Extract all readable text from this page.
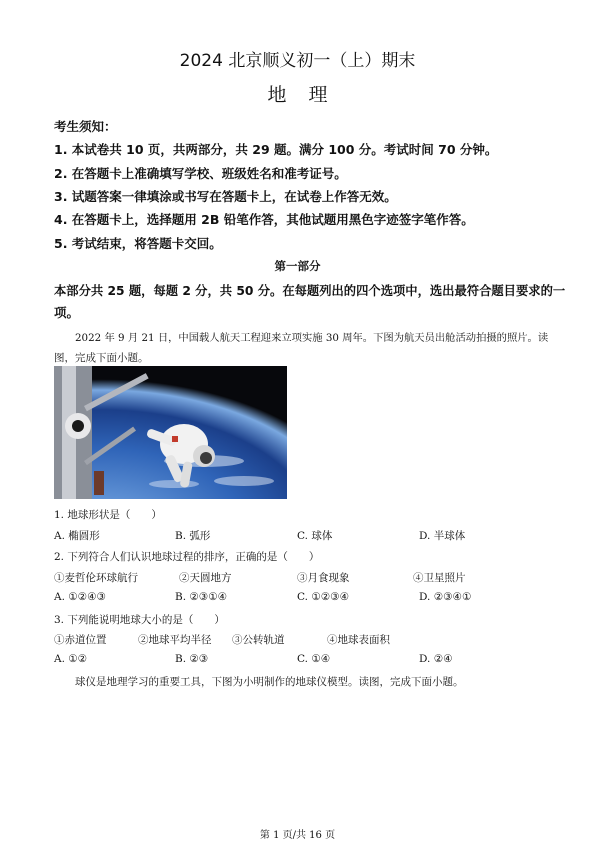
2024 北京顺义初一（上）期末
地理
考生须知：
1. 本试卷共 10 页，共两部分，共 29 题。满分 100 分。考试时间 70 分钟。
2. 在答题卡上准确填写学校、班级姓名和准考证号。
3. 试题答案一律填涂或书写在答题卡上，在试卷上作答无效。
4. 在答题卡上，选择题用 2B 铅笔作答，其他试题用黑色字迹签字笔作答。
5. 考试结束，将答题卡交回。
第一部分
本部分共 25 题，每题 2 分，共 50 分。在每题列出的四个选项中，选出最符合题目要求的一
项。
2022 年 9 月 21 日，中国载人航天工程迎来立项实施 30 周年。下图为航天员出舱活动拍摄的照片。读
图，完成下面小题。
1. 地球形状是（　　）
A. 椭圆形	B. 弧形	C. 球体	D. 半球体
2. 下列符合人们认识地球过程的排序，正确的是（　　）
①麦哲伦环球航行	②天圆地方	③月食现象	④卫星照片
A. ①②④③	B. ②③①④	C. ①②③④	D. ②③④①
3. 下列能说明地球大小的是（　　）
①赤道位置	②地球平均半径 ③公转轨道	④地球表面积
A. ①②	B. ②③	C. ①④	D. ②④
球仪是地理学习的重要工具，下图为小明制作的地球仪模型。读图，完成下面小题。
第 1 页/共 16 页
